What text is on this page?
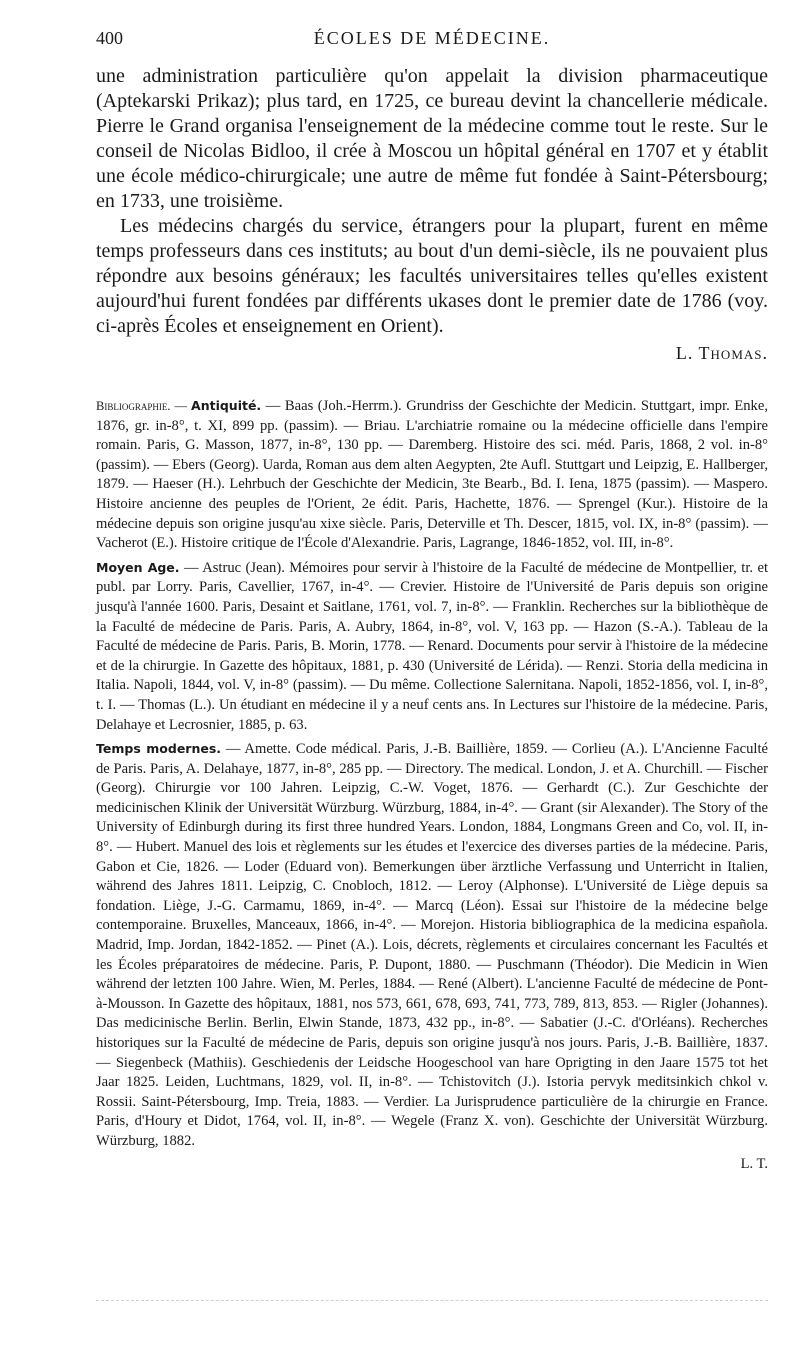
400	ÉCOLES DE MÉDECINE.

une administration particulière qu'on appelait la division pharmaceutique (Aptekarski Prikaz); plus tard, en 1725, ce bureau devint la chancellerie médicale. Pierre le Grand organisa l'enseignement de la médecine comme tout le reste. Sur le conseil de Nicolas Bidloo, il crée à Moscou un hôpital général en 1707 et y établit une école médico-chirurgicale; une autre de même fut fondée à Saint-Pétersbourg; en 1733, une troisième.

Les médecins chargés du service, étrangers pour la plupart, furent en même temps professeurs dans ces instituts; au bout d'un demi-siècle, ils ne pouvaient plus répondre aux besoins généraux; les facultés universitaires telles qu'elles existent aujourd'hui furent fondées par différents ukases dont le premier date de 1786 (voy. ci-après Écoles et enseignement en Orient).

L. Thomas.

Bibliographie. — Antiquité. — Baas (Joh.-Herrm.). Grundriss der Geschichte der Medicin. Stuttgart, impr. Enke, 1876, gr. in-8°, t. XI, 899 pp. (passim). — Briau. L'archiatrie romaine ou la médecine officielle dans l'empire romain. Paris, G. Masson, 1877, in-8°, 130 pp. — Daremberg. Histoire des sci. méd. Paris, 1868, 2 vol. in-8° (passim). — Ebers (Georg). Uarda, Roman aus dem alten Aegypten, 2te Aufl. Stuttgart und Leipzig, E. Hallberger, 1879. — Haeser (H.). Lehrbuch der Geschichte der Medicin, 3te Bearb., Bd. I. Iena, 1875 (passim). — Maspero. Histoire ancienne des peuples de l'Orient, 2e édit. Paris, Hachette, 1876. — Sprengel (Kur.). Histoire de la médecine depuis son origine jusqu'au xixe siècle. Paris, Deterville et Th. Descer, 1815, vol. IX, in-8° (passim). — Vacherot (E.). Histoire critique de l'École d'Alexandrie. Paris, Lagrange, 1846-1852, vol. III, in-8°.

Moyen Age. — Astruc (Jean). Mémoires pour servir à l'histoire de la Faculté de médecine de Montpellier, tr. et publ. par Lorry. Paris, Cavellier, 1767, in-4°. — Crevier. Histoire de l'Université de Paris depuis son origine jusqu'à l'année 1600. Paris, Desaint et Saitlane, 1761, vol. 7, in-8°. — Franklin. Recherches sur la bibliothèque de la Faculté de médecine de Paris. Paris, A. Aubry, 1864, in-8°, vol. V, 163 pp. — Hazon (S.-A.). Tableau de la Faculté de médecine de Paris. Paris, B. Morin, 1778. — Renard. Documents pour servir à l'histoire de la médecine et de la chirurgie. In Gazette des hôpitaux, 1881, p. 430 (Université de Lérida). — Renzi. Storia della medicina in Italia. Napoli, 1844, vol. V, in-8° (passim). — Du même. Collectione Salernitana. Napoli, 1852-1856, vol. I, in-8°, t. I. — Thomas (L.). Un étudiant en médecine il y a neuf cents ans. In Lectures sur l'histoire de la médecine. Paris, Delahaye et Lecrosnier, 1885, p. 63.

Temps modernes. — Amette. Code médical. Paris, J.-B. Baillière, 1859. — Corlieu (A.). L'Ancienne Faculté de Paris. Paris, A. Delahaye, 1877, in-8°, 285 pp. — Directory. The medical. London, J. et A. Churchill. — Fischer (Georg). Chirurgie vor 100 Jahren. Leipzig, C.-W. Voget, 1876. — Gerhardt (C.). Zur Geschichte der medicinischen Klinik der Universität Würzburg. Würzburg, 1884, in-4°. — Grant (sir Alexander). The Story of the University of Edinburgh during its first three hundred Years. London, 1884, Longmans Green and Co, vol. II, in-8°. — Hubert. Manuel des lois et règlements sur les études et l'exercice des diverses parties de la médecine. Paris, Gabon et Cie, 1826. — Loder (Eduard von). Bemerkungen über ärztliche Verfassung und Unterricht in Italien, während des Jahres 1811. Leipzig, C. Cnobloch, 1812. — Leroy (Alphonse). L'Université de Liège depuis sa fondation. Liège, J.-G. Carmamu, 1869, in-4°. — Marcq (Léon). Essai sur l'histoire de la médecine belge contemporaine. Bruxelles, Manceaux, 1866, in-4°. — Morejon. Historia bibliographica de la medicina española. Madrid, Imp. Jordan, 1842-1852. — Pinet (A.). Lois, décrets, règlements et circulaires concernant les Facultés et les Écoles préparatoires de médecine. Paris, P. Dupont, 1880. — Puschmann (Théodor). Die Medicin in Wien während der letzten 100 Jahre. Wien, M. Perles, 1884. — René (Albert). L'ancienne Faculté de médecine de Pont-à-Mousson. In Gazette des hôpitaux, 1881, nos 573, 661, 678, 693, 741, 773, 789, 813, 853. — Rigler (Johannes). Das medicinische Berlin. Berlin, Elwin Stande, 1873, 432 pp., in-8°. — Sabatier (J.-C. d'Orléans). Recherches historiques sur la Faculté de médecine de Paris, depuis son origine jusqu'à nos jours. Paris, J.-B. Baillière, 1837. — Siegenbeck (Mathiis). Geschiedenis der Leidsche Hoogeschool van hare Oprigting in den Jaare 1575 tot het Jaar 1825. Leiden, Luchtmans, 1829, vol. II, in-8°. — Tchistovitch (J.). Istoria pervyk meditsinkich chkol v. Rossii. Saint-Pétersbourg, Imp. Treia, 1883. — Verdier. La Jurisprudence particulière de la chirurgie en France. Paris, d'Houry et Didot, 1764, vol. II, in-8°. — Wegele (Franz X. von). Geschichte der Universität Würzburg. Würzburg, 1882.

L. T.
